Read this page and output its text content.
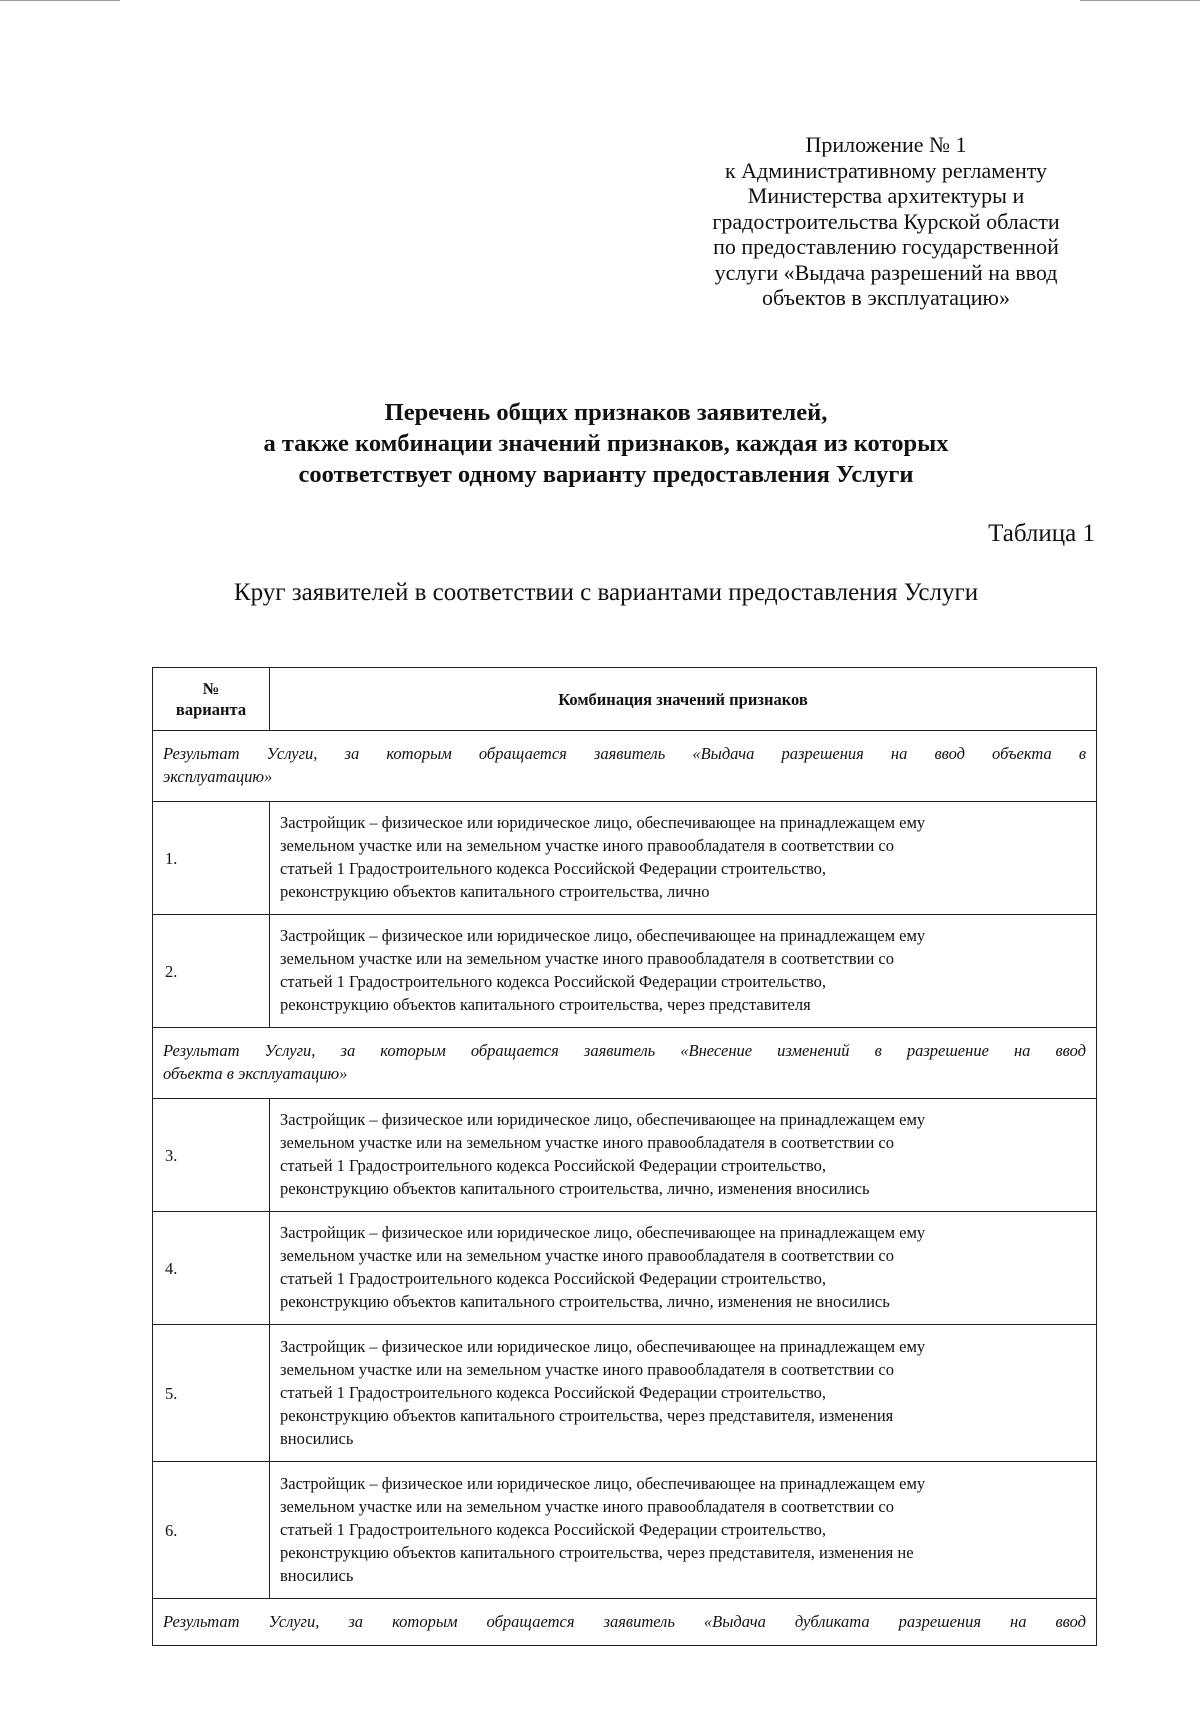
Приложение № 1
к Административному регламенту
Министерства архитектуры и
градостроительства Курской области
по предоставлению государственной
услуги «Выдача разрешений на ввод
объектов в эксплуатацию»
Перечень общих признаков заявителей,
а также комбинации значений признаков, каждая из которых
соответствует одному варианту предоставления Услуги
Таблица 1
Круг заявителей в соответствии с вариантами предоставления Услуги
№
варианта	Комбинация значений признаков

Результат Услуги, за которым обращается заявитель «Выдача разрешения на ввод объекта в
эксплуатацию»	

1.	Застройщик – физическое или юридическое лицо, обеспечивающее на принадлежащем ему
земельном участке или на земельном участке иного правообладателя в соответствии со
статьей 1 Градостроительного кодекса Российской Федерации строительство,
реконструкцию объектов капитального строительства, лично

2.	Застройщик – физическое или юридическое лицо, обеспечивающее на принадлежащем ему
земельном участке или на земельном участке иного правообладателя в соответствии со
статьей 1 Градостроительного кодекса Российской Федерации строительство,
реконструкцию объектов капитального строительства, через представителя

Результат Услуги, за которым обращается заявитель «Внесение изменений в разрешение на ввод
объекта в эксплуатацию»	

3.	Застройщик – физическое или юридическое лицо, обеспечивающее на принадлежащем ему
земельном участке или на земельном участке иного правообладателя в соответствии со
статьей 1 Градостроительного кодекса Российской Федерации строительство,
реконструкцию объектов капитального строительства, лично, изменения вносились

4.	Застройщик – физическое или юридическое лицо, обеспечивающее на принадлежащем ему
земельном участке или на земельном участке иного правообладателя в соответствии со
статьей 1 Градостроительного кодекса Российской Федерации строительство,
реконструкцию объектов капитального строительства, лично, изменения не вносились

5.	Застройщик – физическое или юридическое лицо, обеспечивающее на принадлежащем ему
земельном участке или на земельном участке иного правообладателя в соответствии со
статьей 1 Градостроительного кодекса Российской Федерации строительство,
реконструкцию объектов капитального строительства, через представителя, изменения
вносились

6.	Застройщик – физическое или юридическое лицо, обеспечивающее на принадлежащем ему
земельном участке или на земельном участке иного правообладателя в соответствии со
статьей 1 Градостроительного кодекса Российской Федерации строительство,
реконструкцию объектов капитального строительства, через представителя, изменения не
вносились

Результат Услуги, за которым обращается заявитель «Выдача дубликата разрешения на ввод	
